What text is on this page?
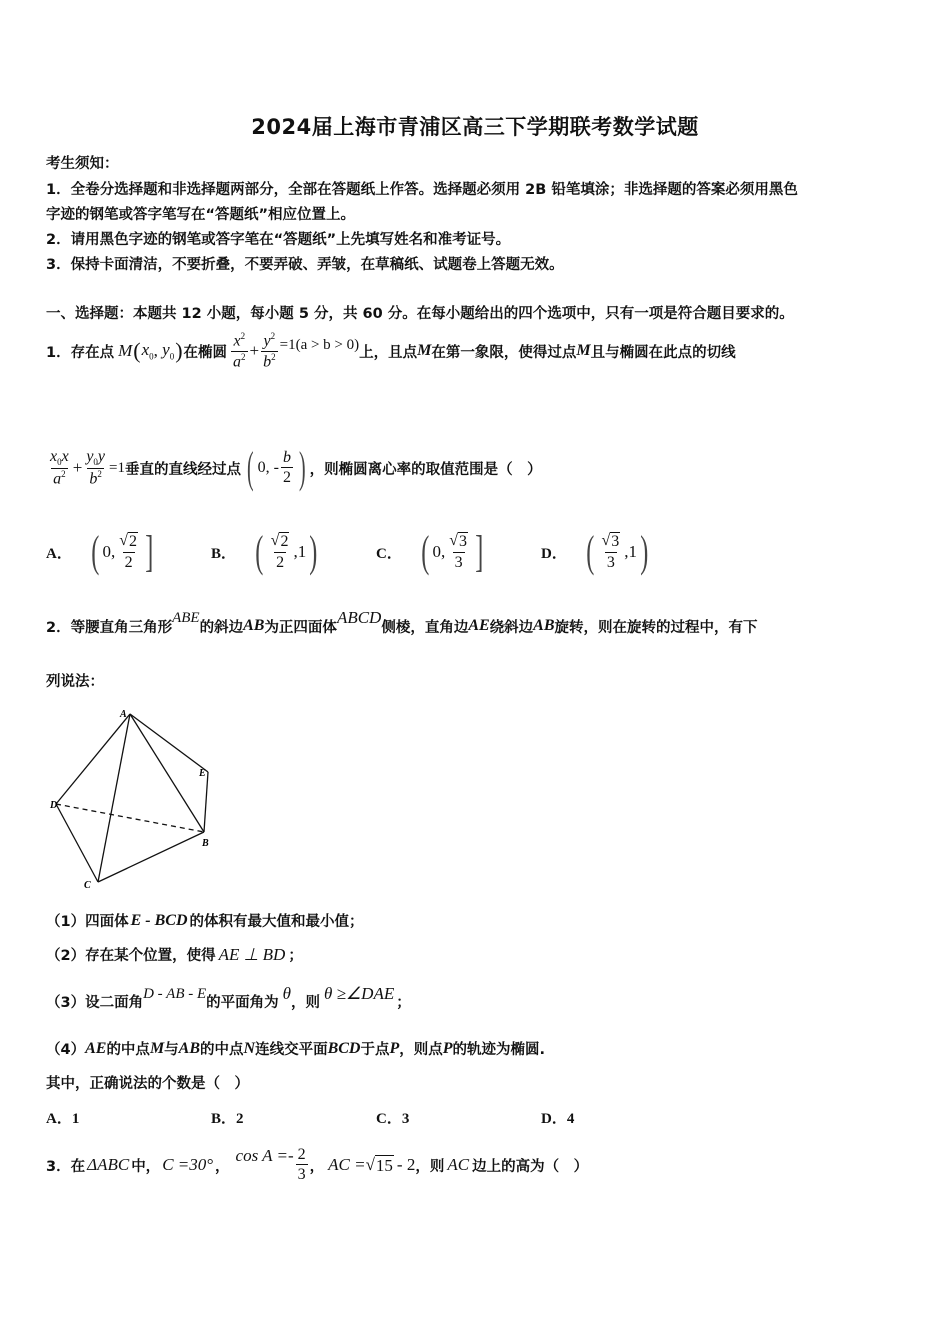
2024届上海市青浦区高三下学期联考数学试题
考生须知：
1．全卷分选择题和非选择题两部分，全部在答题纸上作答。选择题必须用 2B 铅笔填涂；非选择题的答案必须用黑色
字迹的钢笔或答字笔写在“答题纸”相应位置上。
2．请用黑色字迹的钢笔或答字笔在“答题纸”上先填写姓名和准考证号。
3．保持卡面清洁，不要折叠，不要弄破、弄皱，在草稿纸、试题卷上答题无效。
一、选择题：本题共 12 小题，每小题 5 分，共 60 分。在每小题给出的四个选项中，只有一项是符合题目要求的。
1．存在点 M ( $x_0$ , $y_0$ ) 在椭圆 $\frac{x^2}{a^2} + \frac{y^2}{b^2} =1(a > b > 0)$ 上，且点 M 在第一象限，使得过点 M 且与椭圆在此点的切线
$\frac{x_0x}{a^2} + \frac{y_0y}{b^2} =1$ 垂直的直线经过点 ( 0, - $\frac{b}{2}$ ) ，则椭圆离心率的取值范围是（　）
A． ( 0, $\frac{√ 2}{2}$ ]	B． ( $\frac{√ 2}{2} ,1$ )	C． ( 0, $\frac{√ 3}{3}$ ]	D． ( $\frac{√ 3}{3} ,1$ )
2．等腰直角三角形
ABE
的斜边 AB 为正四面体
ABCD
侧棱，直角边 AE 绕斜边 AB 旋转，则在旋转的过程中，有下
列说法：
A
E
D
B
C
（1）四面体 E - BCD 的体积有最大值和最小值；
（2）存在某个位置，使得 AE ⊥ BD ；
（3）设二面角
D - AB - E
的平面角为 θ ，则 θ ≥∠DAE ；
（4） AE 的中点 M 与 AB 的中点 N 连线交平面 BCD 于点 P ，则点 P 的轨迹为椭圆.
其中，正确说法的个数是（　）
A．1	B．2	C．3	D．4
3．在 ΔABC 中， C =30° ，
$\cos A =- \frac{2}{3}$ ， AC = √ 15 - 2 ，则 AC 边上的高为（　）
